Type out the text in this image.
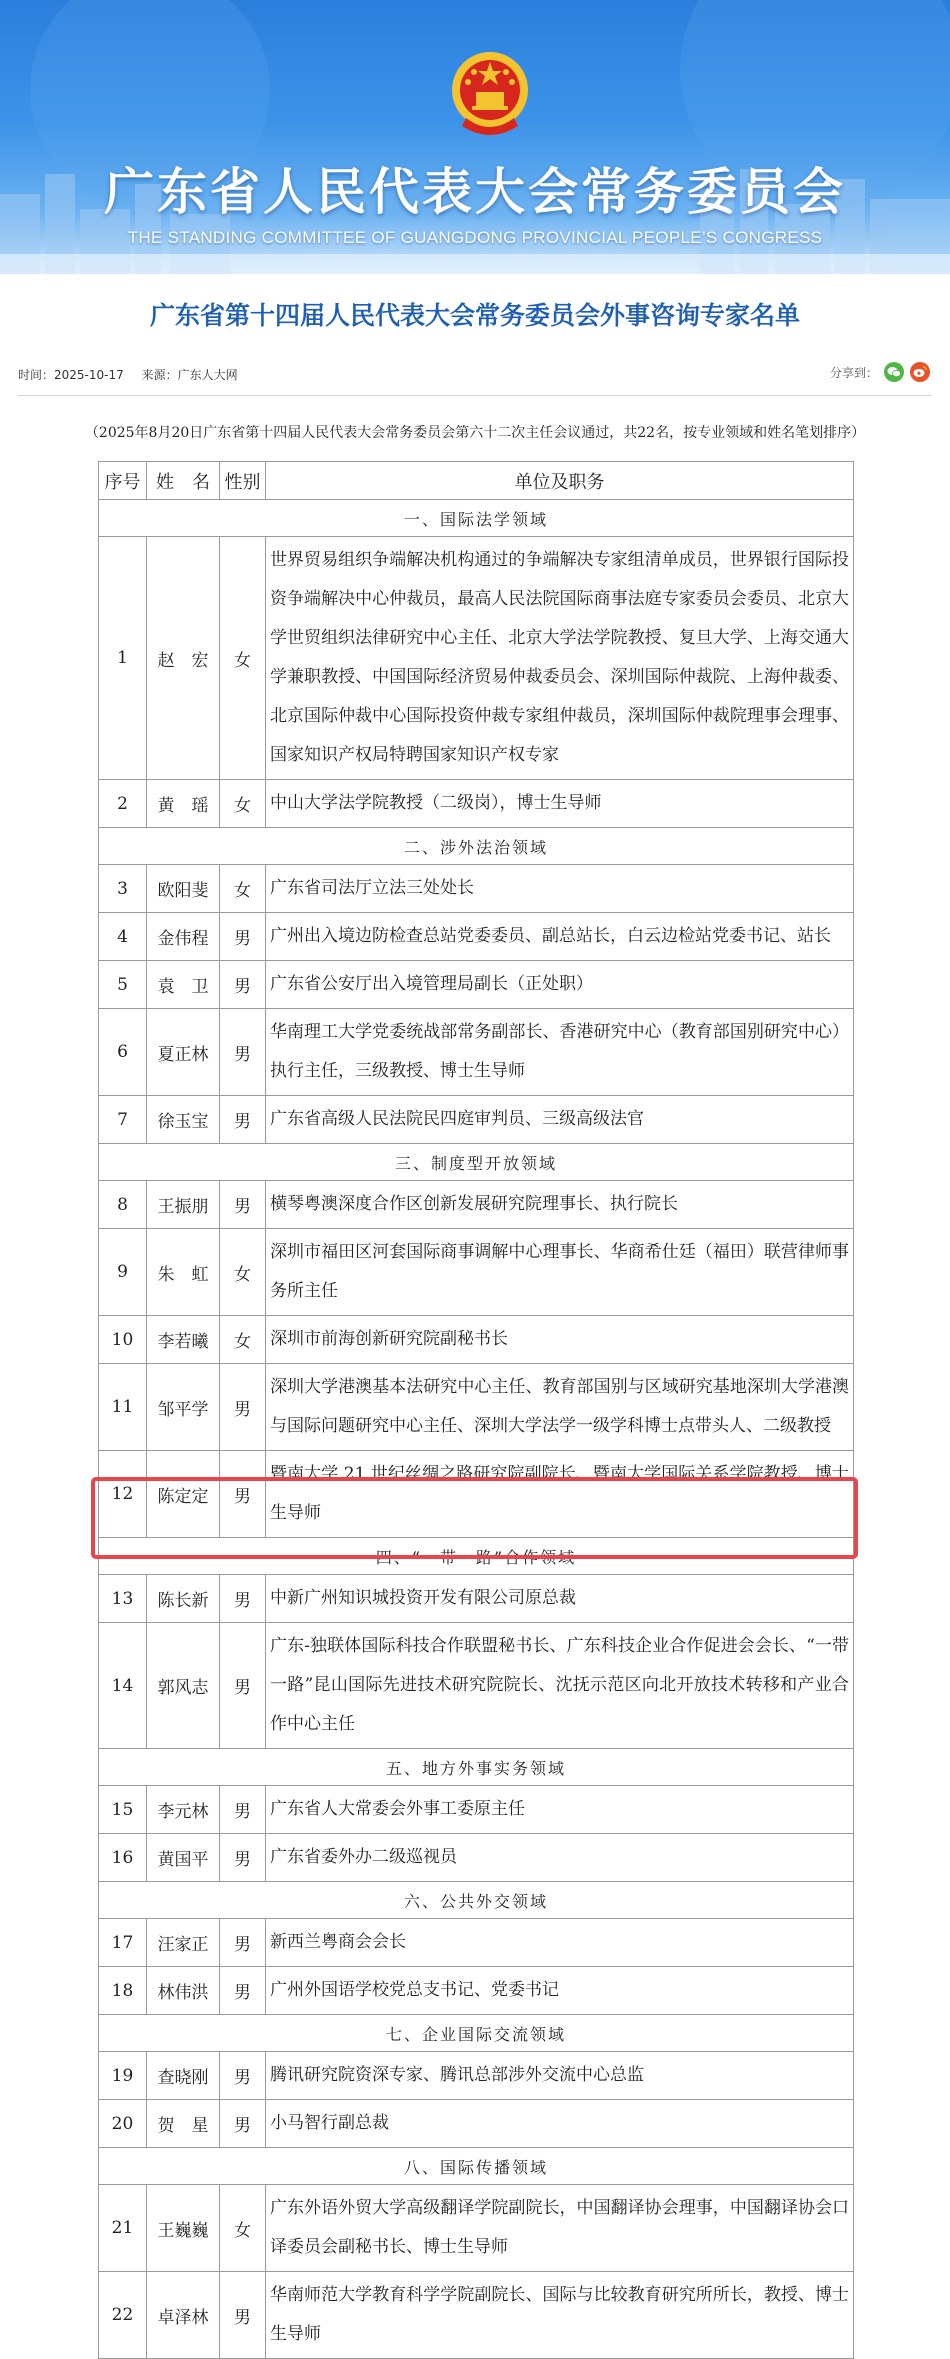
广东省人民代表大会常务委员会
THE STANDING COMMITTEE OF GUANGDONG PROVINCIAL PEOPLE’S CONGRESS
广东省第十四届人民代表大会常务委员会外事咨询专家名单
时间：2025-10-17 来源：广东人大网	分享到：
（2025年8月20日广东省第十四届人民代表大会常务委员会第六十二次主任会议通过，共22名，按专业领域和姓名笔划排序）
序号	姓　名	性别	单位及职务
一、国际法学领域			
1	赵　宏	女	世界贸易组织争端解决机构通过的争端解决专家组清单成员，世界银行国际投资争端解决中心仲裁员，最高人民法院国际商事法庭专家委员会委员、北京大学世贸组织法律研究中心主任、北京大学法学院教授、复旦大学、上海交通大学兼职教授、中国国际经济贸易仲裁委员会、深圳国际仲裁院、上海仲裁委、北京国际仲裁中心国际投资仲裁专家组仲裁员，深圳国际仲裁院理事会理事、国家知识产权局特聘国家知识产权专家
2	黄　瑶	女	中山大学法学院教授（二级岗），博士生导师
二、涉外法治领域			
3	欧阳斐	女	广东省司法厅立法三处处长
4	金伟程	男	广州出入境边防检查总站党委委员、副总站长，白云边检站党委书记、站长
5	袁　卫	男	广东省公安厅出入境管理局副长（正处职）
6	夏正林	男	华南理工大学党委统战部常务副部长、香港研究中心（教育部国别研究中心）执行主任，三级教授、博士生导师
7	徐玉宝	男	广东省高级人民法院民四庭审判员、三级高级法官
三、制度型开放领域			
8	王振朋	男	横琴粤澳深度合作区创新发展研究院理事长、执行院长
9	朱　虹	女	深圳市福田区河套国际商事调解中心理事长、华商希仕廷（福田）联营律师事务所主任
10	李若曦	女	深圳市前海创新研究院副秘书长
11	邹平学	男	深圳大学港澳基本法研究中心主任、教育部国别与区域研究基地深圳大学港澳与国际问题研究中心主任、深圳大学法学一级学科博士点带头人、二级教授
12	陈定定	男	暨南大学 21 世纪丝绸之路研究院副院长、暨南大学国际关系学院教授、博士生导师
四、“一带一路”合作领域			
13	陈长新	男	中新广州知识城投资开发有限公司原总裁
14	郭风志	男	广东-独联体国际科技合作联盟秘书长、广东科技企业合作促进会会长、“一带一路”昆山国际先进技术研究院院长、沈抚示范区向北开放技术转移和产业合作中心主任
五、地方外事实务领域			
15	李元林	男	广东省人大常委会外事工委原主任
16	黄国平	男	广东省委外办二级巡视员
六、公共外交领域			
17	汪家正	男	新西兰粤商会会长
18	林伟洪	男	广州外国语学校党总支书记、党委书记
七、企业国际交流领域			
19	查晓刚	男	腾讯研究院资深专家、腾讯总部涉外交流中心总监
20	贺　星	男	小马智行副总裁
八、国际传播领域			
21	王巍巍	女	广东外语外贸大学高级翻译学院副院长，中国翻译协会理事，中国翻译协会口译委员会副秘书长、博士生导师
22	卓泽林	男	华南师范大学教育科学学院副院长、国际与比较教育研究所所长，教授、博士生导师
